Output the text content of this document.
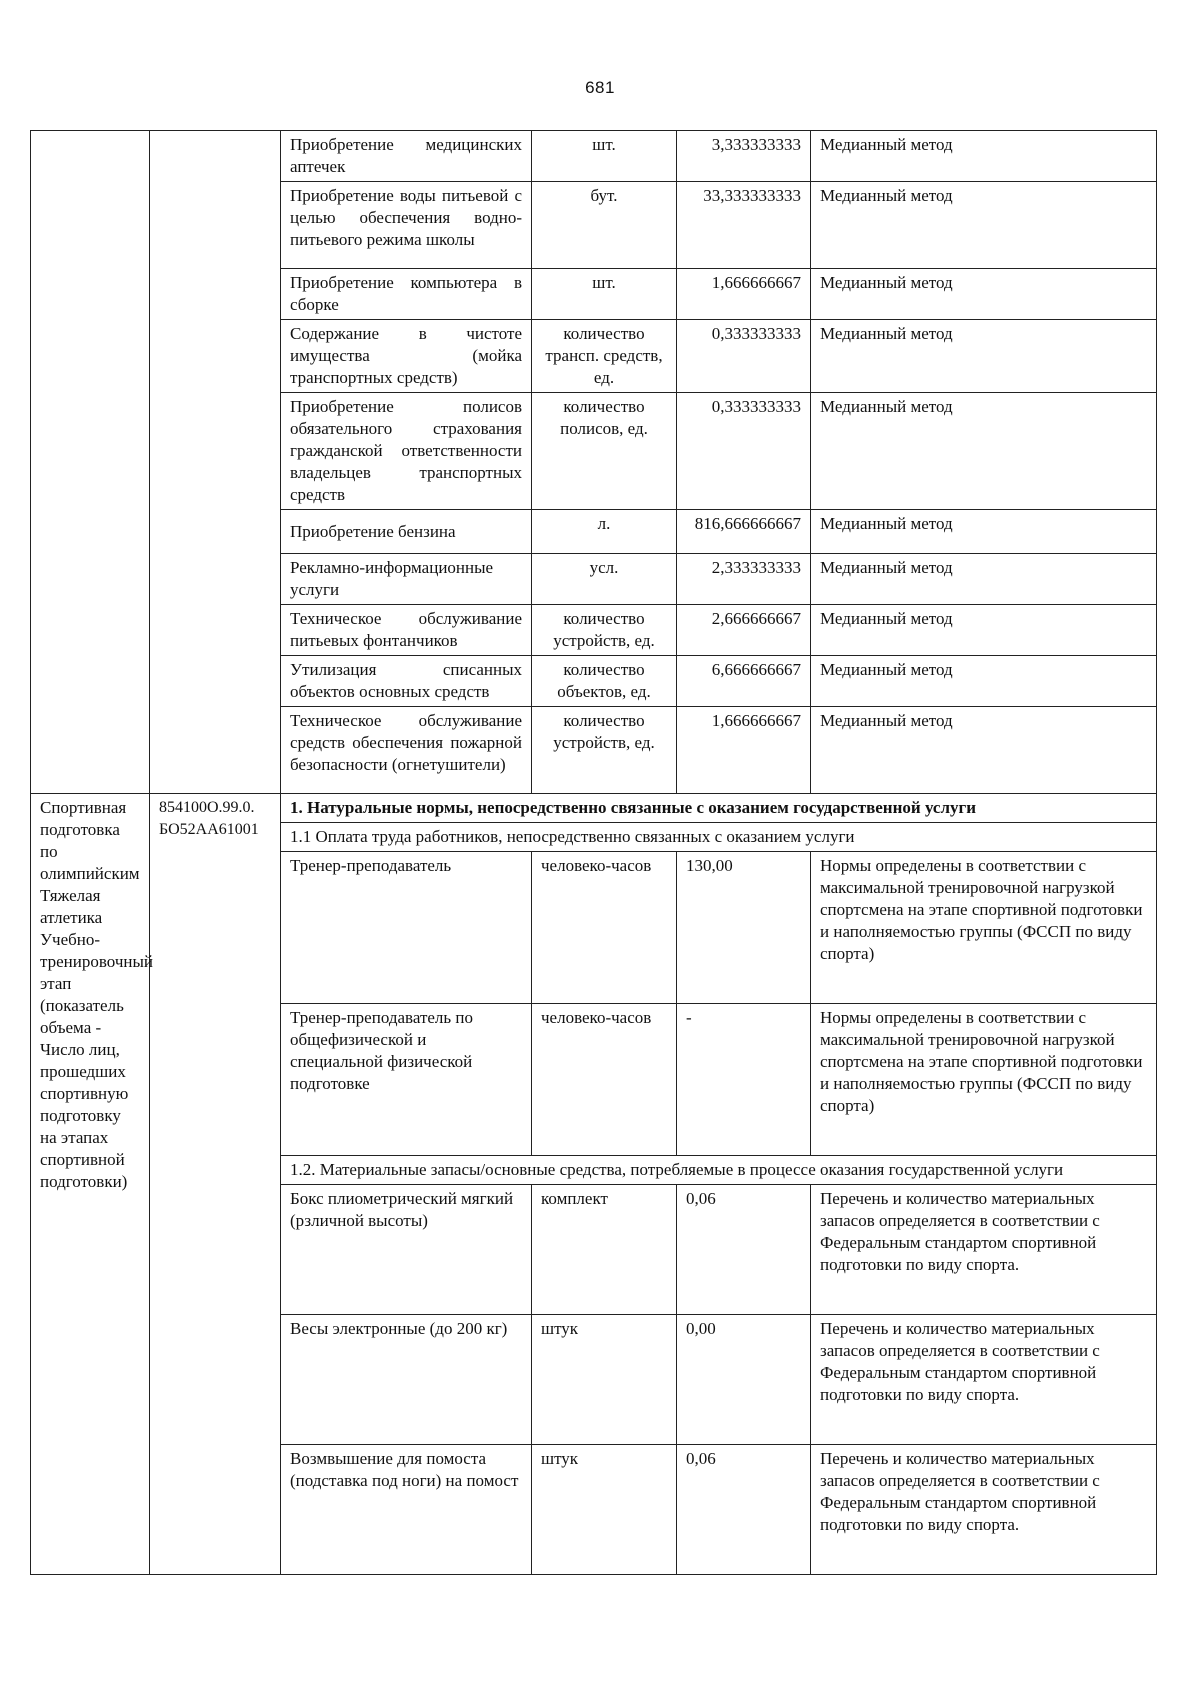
681
		Приобретение медицинских аптечек	шт.	3,333333333	Медианный метод
		Приобретение воды питьевой с целью обеспечения водно-питьевого режима школы	бут.	33,333333333	Медианный метод
		Приобретение компьютера в сборке	шт.	1,666666667	Медианный метод
		Содержание в чистоте имущества (мойка транспортных средств)	количество трансп. средств, ед.	0,333333333	Медианный метод
		Приобретение полисов обязательного страхования гражданской ответственности владельцев транспортных средств	количество полисов, ед.	0,333333333	Медианный метод
		Приобретение бензина	л.	816,666666667	Медианный метод
		Рекламно-информационные услуги	усл.	2,333333333	Медианный метод
		Техническое обслуживание питьевых фонтанчиков	количество устройств, ед.	2,666666667	Медианный метод
		Утилизация списанных объектов основных средств	количество объектов, ед.	6,666666667	Медианный метод
		Техническое обслуживание средств обеспечения пожарной безопасности (огнетушители)	количество устройств, ед.	1,666666667	Медианный метод
Спортивная подготовка по олимпийским Тяжелая атлетика Учебно-тренировочный этап (показатель объема - Число лиц, прошедших спортивную подготовку на этапах спортивной подготовки)	854100О.99.0. БО52АА61001	1. Натуральные нормы, непосредственно связанные с оказанием государственной услуги			
		1.1 Оплата труда работников, непосредственно связанных с оказанием услуги			
		Тренер-преподаватель	человеко-часов	130,00	Нормы определены в соответствии с максимальной тренировочной нагрузкой спортсмена на этапе спортивной подготовки и наполняемостью группы (ФССП по виду спорта)
		Тренер-преподаватель по общефизической и специальной физической подготовке	человеко-часов	-	Нормы определены в соответствии с максимальной тренировочной нагрузкой спортсмена на этапе спортивной подготовки и наполняемостью группы (ФССП по виду спорта)
		1.2. Материальные запасы/основные средства, потребляемые в процессе оказания государственной услуги			
		Бокс плиометрический мягкий (рзличной высоты)	комплект	0,06	Перечень и количество материальных запасов определяется в соответствии с Федеральным стандартом спортивной подготовки по виду спорта.
		Весы электронные (до 200 кг)	штук	0,00	Перечень и количество материальных запасов определяется в соответствии с Федеральным стандартом спортивной подготовки по виду спорта.
		Возмвышение для помоста (подставка под ноги) на помост	штук	0,06	Перечень и количество материальных запасов определяется в соответствии с Федеральным стандартом спортивной подготовки по виду спорта.
